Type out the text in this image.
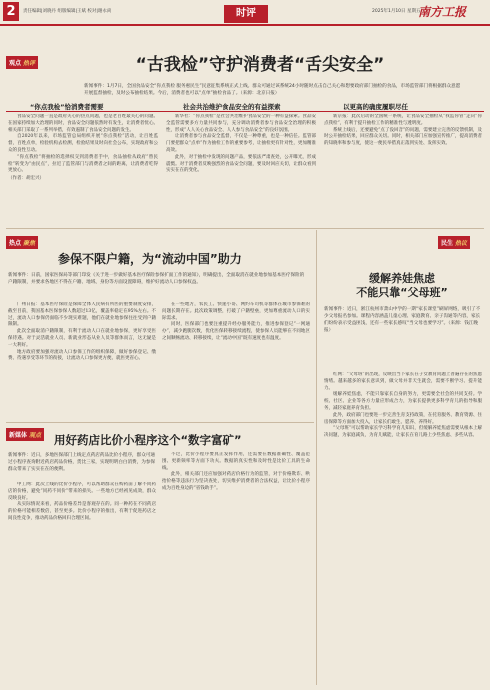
2	责任编辑|刘晓丹 组版编辑|王斌 校对|谢永尚	时评	2025年1月10日 星期五
南方工报
观点 热评	“古我检”守护消费者“舌尖安全”
新闻事件：1月7日，全国食品安全“你点我检 服务惠民生”民意征集系统正式上线。群众可通过该系统24小时随时点击自己关心和想要政府部门抽检的食品，市场监管部门将根据群众意愿开展监督抽检，及时公布抽检结果。今后，消费者也可以“点单”抽检食品了。（来源：北京日报）
“你点我检”恰消费者需要	社会共治维护食品安全的有益探索	以更高的确度履职尽任

食品安全问题一直是政府关心的热点问题，也是老百姓最关心的问题。在国家持续加大治理的同时，食品安全问题依然时有发生，让消费者忧心。相关部门采取了一系列举措，有效遏制了食品安全问题的发生。

自2020年以来，市场监管总局组织开展“你点我检”活动，让百姓监督，百姓点单，检验机构去检测，检验结果及时向社会公布，实现政府和公众的良性互动。

“你点我检”将抽检的选择权交到消费者手中，食品抽检从政府“替民检”转变为“由民点”，拉近了监管部门与消费者之间的距离，让消费者吃得更放心。

（作者：胡宏兴）

新华社：“你点我检”是社会共治维护食品安全的一种有益探索。食品安全监管需要多方力量共同参与，充分调动消费者参与食品安全治理的积极性，形成“人人关心食品安全、人人参与食品安全”的良好氛围。

让消费者参与食品安全监督，不仅是一种尊重，也是一种信任。监管部门要把群众“点单”作为抽检工作的重要参考，让抽检更有针对性，更加精准高效。

此外，对于抽检中发现的问题产品，要依法严肃查处，公开曝光，形成震慑。对于消费者反映强烈的食品安全问题，要及时回应关切，让群众看到实实在在的变化。

新京报：此次启动的全国统一系统，让食品安全抽检从“我监你管”走向“你点我检”，有利于提升抽检工作的精准性与透明度。

系统上线后，还要避免“点了没回音”的问题，需要建立完善的反馈机制，及时公开抽检结果，回应群众关切。同时，相关部门应加强宣传推广，提高消费者的知晓率和参与度，使这一便民举措真正落到实处、发挥实效。

热点 聚焦
参保不限户籍，为“流动中国”助力
新闻事件：日前，国家医保局等部门印发《关于进一步做好基本医疗保险参保扩面工作的通知》，明确提出，全面取消在就业地参加基本医疗保险的户籍限制，并要求各地区不得在户籍、地域、身份等方面设置障碍，维护好流动人口参保权益。

广州日报：基本医疗保险是保障全体人民病有所医的重要制度安排，截至目前，我国基本医保参保人数超过13亿，覆盖率稳定在95%左右。不过，流动人口参保仍面临不少现实难题，他们在就业地参保往往受到户籍限制。

此次全面取消户籍限制，有利于流动人口在就业地参保，更好享受医保待遇。对于灵活就业人员、新就业形态从业人员等群体而言，这无疑是一大利好。

地方政府要加强对流动人口参保工作的组织保障，做好参保登记、缴费、待遇享受等环节的衔接，让流动人口参保更方便、就医更省心。

在一些地方，农民工、快递小哥、网约车司机等群体在城市参保难的问题长期存在。此次政策调整，打破了户籍壁垒，更加尊重流动人口的实际需求。

同时，医保部门也要注重提升经办服务能力，推进参保登记“一网通办”，减少跑腿次数，优化医保转移接续流程，使参保人员能够在不同地区之间顺畅流动、转移接续，让“流动中国”既有速度也有温度。

民生 热议
缓解养娃焦虑
不能只靠“父母班”
新闻事件：近日，浙江杭州市萧山中学的一期“家长课堂”刷屏网络，吸引了不少父母报名参加。课程内容涵盖儿童心理、家庭教育、亲子沟通等内容，家长们纷纷表示受益匪浅，还有一些家长感叹“当父母也要学习”。（来源：钱江晚报）

红网：“父母班”的出现，反映出当下家长在子女教育问题上普遍存在的焦虑情绪。越来越多的家长意识到，做父母并非天生就会，需要不断学习、提升能力。

缓解养娃焦虑，不能只靠家长自身的努力，更需要全社会的共同支持。学校、社区、企业等各方力量应形成合力，为家长提供更多科学育儿的指导和服务，减轻家庭养育负担。

此外，政府部门也要进一步完善生育支持政策，在托育服务、教育资源、住房保障等方面加大投入，让家长们敢生、愿养、养得好。

“父母班”可以帮助家长学习科学育儿知识，但缓解养娃焦虑需要从根本上解决问题，为家庭减负，为育儿赋能，让家长在育儿路上少些焦虑、多些从容。

新媒体 观点 用好药店比价小程序这个“数字富矿”
新闻事件：近日，多地医保部门上线定点药店药品比价小程序，群众可通过小程序查询附近药店药品价格，货比三家，实现明明白白消费，为参保群众带来了实实在在的便利。

中工网：此次上线的比价小程序，可以帮助群众在购药前了解不同药店的价格，避免“同药不同价”带来的损失。一些地方已经初见成效，群众反映良好。

从实际情况来看，药品价格差异是客观存在的。同一种药在不同药店的价格可能相差数倍，甚至更多。比价小程序的推出，有利于促进药店之间良性竞争，推动药品价格回归合理区间。

不过，比价小程序要真正发挥作用，还需要在数据准确性、覆盖范围、更新频率等方面下功夫。数据的真实性和及时性是比价工具的生命线。

此外，相关部门还应加强对药店价格行为的监管，对于价格欺诈、哄抬价格等违法行为坚决查处，切实维护消费者的合法权益，让比价小程序成为百姓身边的“省钱助手”。
